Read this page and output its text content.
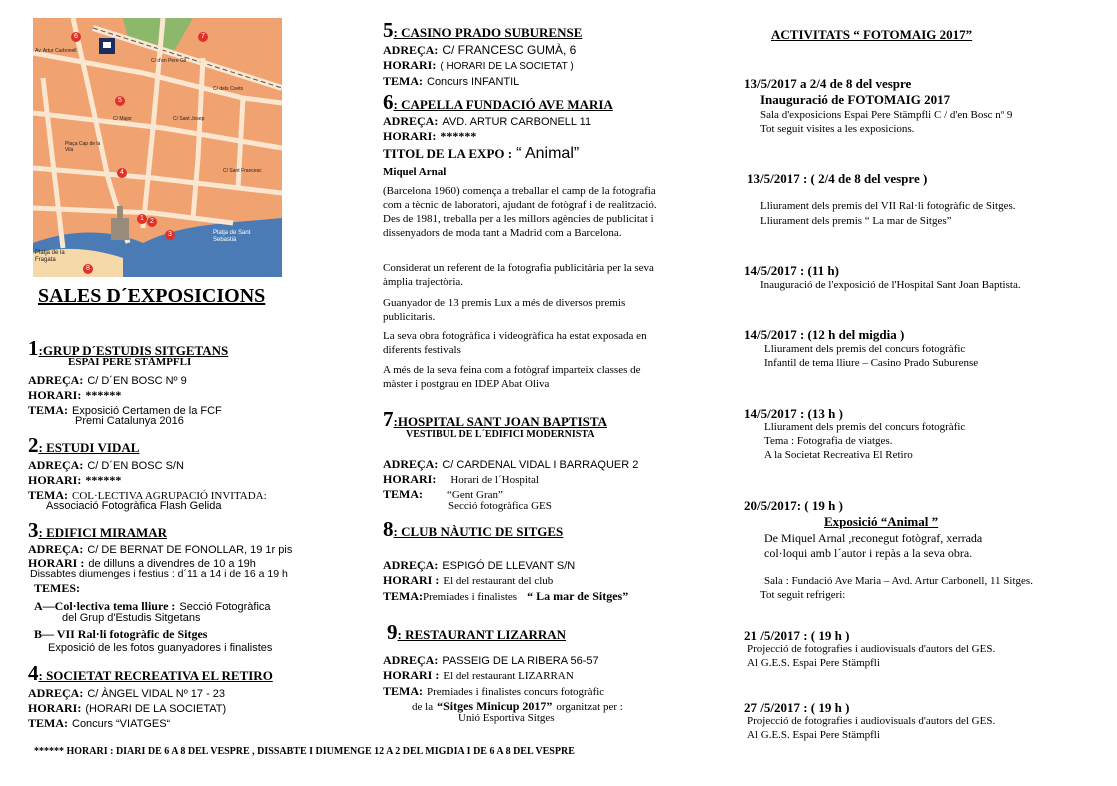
Av. Artur Carbonell
C/ d'en Pere Gil
C/ dels Coets
C/ Sant Josep
C/ Sant Francesc
Plaça Cap de la Vila
C/ Major
Platja de la Fragata
Platja de Sant Sebastià
6	7
5
4
1 2
3
8
SALES D´EXPOSICIONS
1:GRUP D´ESTUDIS SITGETANS
ESPAI PERE STÄMPFLI
ADREÇA: C/ D´EN BOSC Nº 9
HORARI: ******
TEMA: Exposició Certamen de la FCF
Premi Catalunya 2016
2: ESTUDI VIDAL
ADREÇA: C/ D´EN BOSC S/N
HORARI: ******
TEMA: COL·LECTIVA AGRUPACIÓ INVITADA:
Associació Fotogràfica Flash Gelida
3: EDIFICI MIRAMAR
ADREÇA: C/ DE BERNAT DE FONOLLAR, 19 1r pis
HORARI : de dilluns a divendres de 10 a 19h
Dissabtes diumenges i festius : d´11 a 14 i de 16 a 19 h
TEMES:
A—Col·lectiva tema lliure : Secció Fotogràfica
del Grup d'Estudis Sitgetans
B— VII Ral·li fotogràfic de Sitges
Exposició de les fotos guanyadores i finalistes
4: SOCIETAT RECREATIVA EL RETIRO
ADREÇA: C/ ÀNGEL VIDAL Nº 17 - 23
HORARI: (HORARI DE LA SOCIETAT)
TEMA: Concurs “VIATGES“
****** HORARI : DIARI DE 6 A 8 DEL VESPRE , DISSABTE I DIUMENGE 12 A 2 DEL MIGDIA I DE 6 A 8 DEL VESPRE
5: CASINO PRADO SUBURENSE
ADREÇA: C/ FRANCESC GUMÀ, 6
HORARI: ( HORARI DE LA SOCIETAT )
TEMA: Concurs INFANTIL
6: CAPELLA FUNDACIÓ AVE MARIA
ADREÇA: AVD. ARTUR CARBONELL 11
HORARI: ******
TITOL DE LA EXPO : “ Animal”
Miquel Arnal
(Barcelona 1960) comença a treballar el camp de la fotografia com a tècnic de laboratori, ajudant de fotògraf i de realització. Des de 1981, treballa per a les millors agències de publicitat i dissenyadors de moda tant a Madrid com a Barcelona.
Considerat un referent de la fotografia publicitària per la seva àmplia trajectòria.
Guanyador de 13 premis Lux a més de diversos premis publicitaris.
La seva obra fotogràfica i videogràfica ha estat exposada en diferents festivals
A més de la seva feina com a fotògraf imparteix classes de màster i postgrau en IDEP Abat Oliva
7:HOSPITAL SANT JOAN BAPTISTA
VESTIBUL DE L´EDIFICI MODERNISTA
ADREÇA: C/ CARDENAL VIDAL I BARRAQUER 2
HORARI: Horari de l´Hospital
TEMA: “Gent Gran”
Secció fotogràfica GES
8: CLUB NÀUTIC DE SITGES
ADREÇA: ESPIGÓ DE LLEVANT S/N
HORARI : El del restaurant del club
TEMA:Premiades i finalistes “ La mar de Sitges”
9: RESTAURANT LIZARRAN
ADREÇA: PASSEIG DE LA RIBERA 56-57
HORARI : El del restaurant LIZARRAN
TEMA: Premiades i finalistes concurs fotogràfic
de la “Sitges Minicup 2017” organitzat per :
Unió Esportiva Sitges
ACTIVITATS “ FOTOMAIG 2017”
13/5/2017 a 2/4 de 8 del vespre
Inauguració de FOTOMAIG 2017
Sala d'exposicions Espai Pere Stämpfli C / d'en Bosc nº 9
Tot seguit visites a les exposicions.
13/5/2017 : ( 2/4 de 8 del vespre )
Lliurament dels premis del VII Ral·li fotogràfic de Sitges.
Lliurament dels premis “ La mar de Sitges”
14/5/2017 : (11 h)
Inauguració de l'exposició de l'Hospital Sant Joan Baptista.
14/5/2017 : (12 h del migdia )
Lliurament dels premis del concurs fotogràfic
Infantil de tema lliure – Casino Prado Suburense
14/5/2017 : (13 h )
Lliurament dels premis del concurs fotogràfic
Tema : Fotografia de viatges.
A la Societat Recreativa El Retiro
20/5/2017: ( 19 h )
Exposició “Animal ”
De Miquel Arnal ,reconegut fotògraf, xerrada
col·loqui amb l´autor i repàs a la seva obra.
Sala : Fundació Ave Maria – Avd. Artur Carbonell, 11 Sitges.
Tot seguit refrigeri:
21 /5/2017 : ( 19 h )
Projecció de fotografies i audiovisuals d'autors del GES.
Al G.E.S. Espai Pere Stämpfli
27 /5/2017 : ( 19 h )
Projecció de fotografies i audiovisuals d'autors del GES.
Al G.E.S. Espai Pere Stämpfli
